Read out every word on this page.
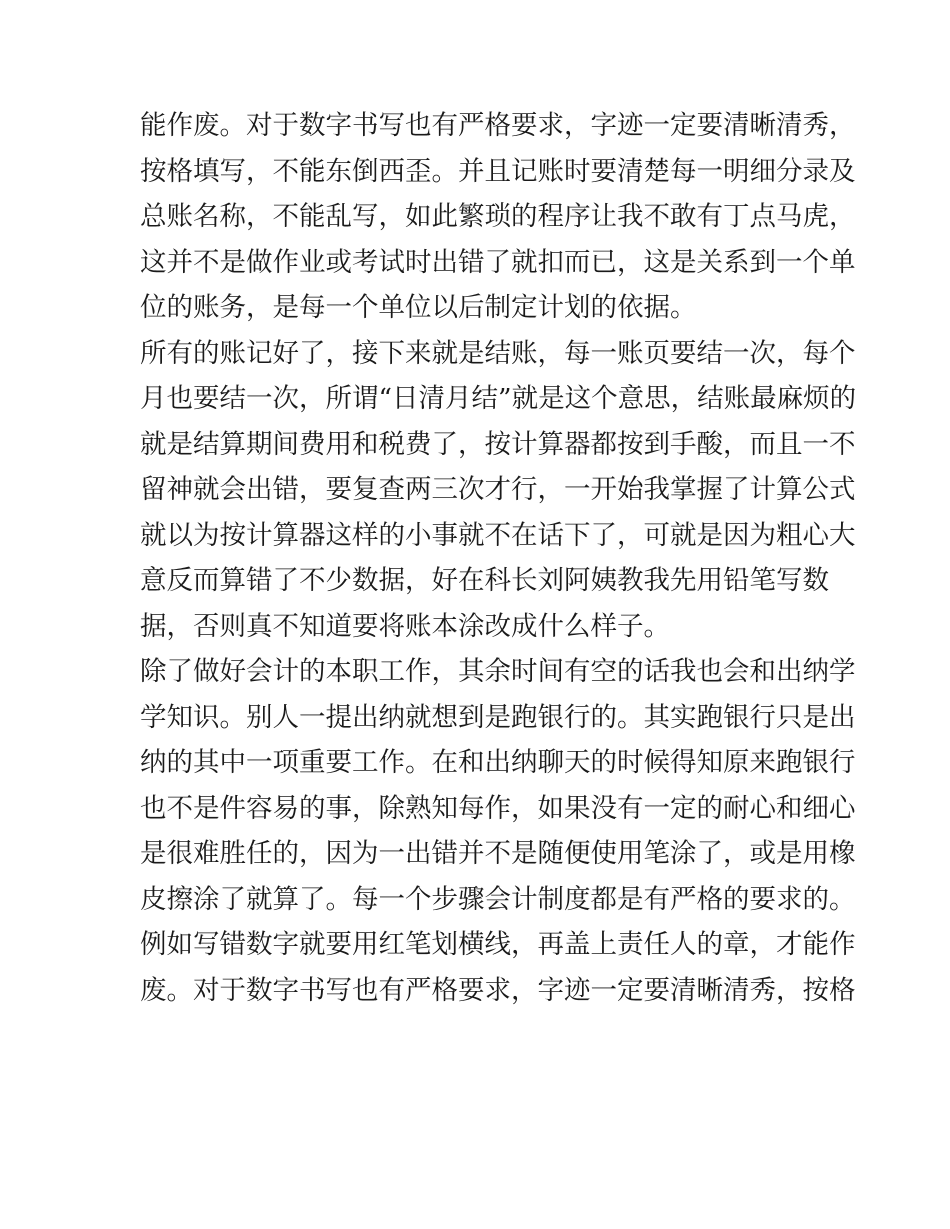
能作废。对于数字书写也有严格要求，字迹一定要清晰清秀，
按格填写，不能东倒西歪。并且记账时要清楚每一明细分录及
总账名称，不能乱写，如此繁琐的程序让我不敢有丁点马虎，
这并不是做作业或考试时出错了就扣而已，这是关系到一个单
位的账务，是每一个单位以后制定计划的依据。
所有的账记好了，接下来就是结账，每一账页要结一次，每个
月也要结一次，所谓“日清月结”就是这个意思，结账最麻烦的
就是结算期间费用和税费了，按计算器都按到手酸，而且一不
留神就会出错，要复查两三次才行，一开始我掌握了计算公式
就以为按计算器这样的小事就不在话下了，可就是因为粗心大
意反而算错了不少数据，好在科长刘阿姨教我先用铅笔写数
据，否则真不知道要将账本涂改成什么样子。
除了做好会计的本职工作，其余时间有空的话我也会和出纳学
学知识。别人一提出纳就想到是跑银行的。其实跑银行只是出
纳的其中一项重要工作。在和出纳聊天的时候得知原来跑银行
也不是件容易的事，除熟知每作，如果没有一定的耐心和细心
是很难胜任的，因为一出错并不是随便使用笔涂了，或是用橡
皮擦涂了就算了。每一个步骤会计制度都是有严格的要求的。
例如写错数字就要用红笔划横线，再盖上责任人的章，才能作
废。对于数字书写也有严格要求，字迹一定要清晰清秀，按格
